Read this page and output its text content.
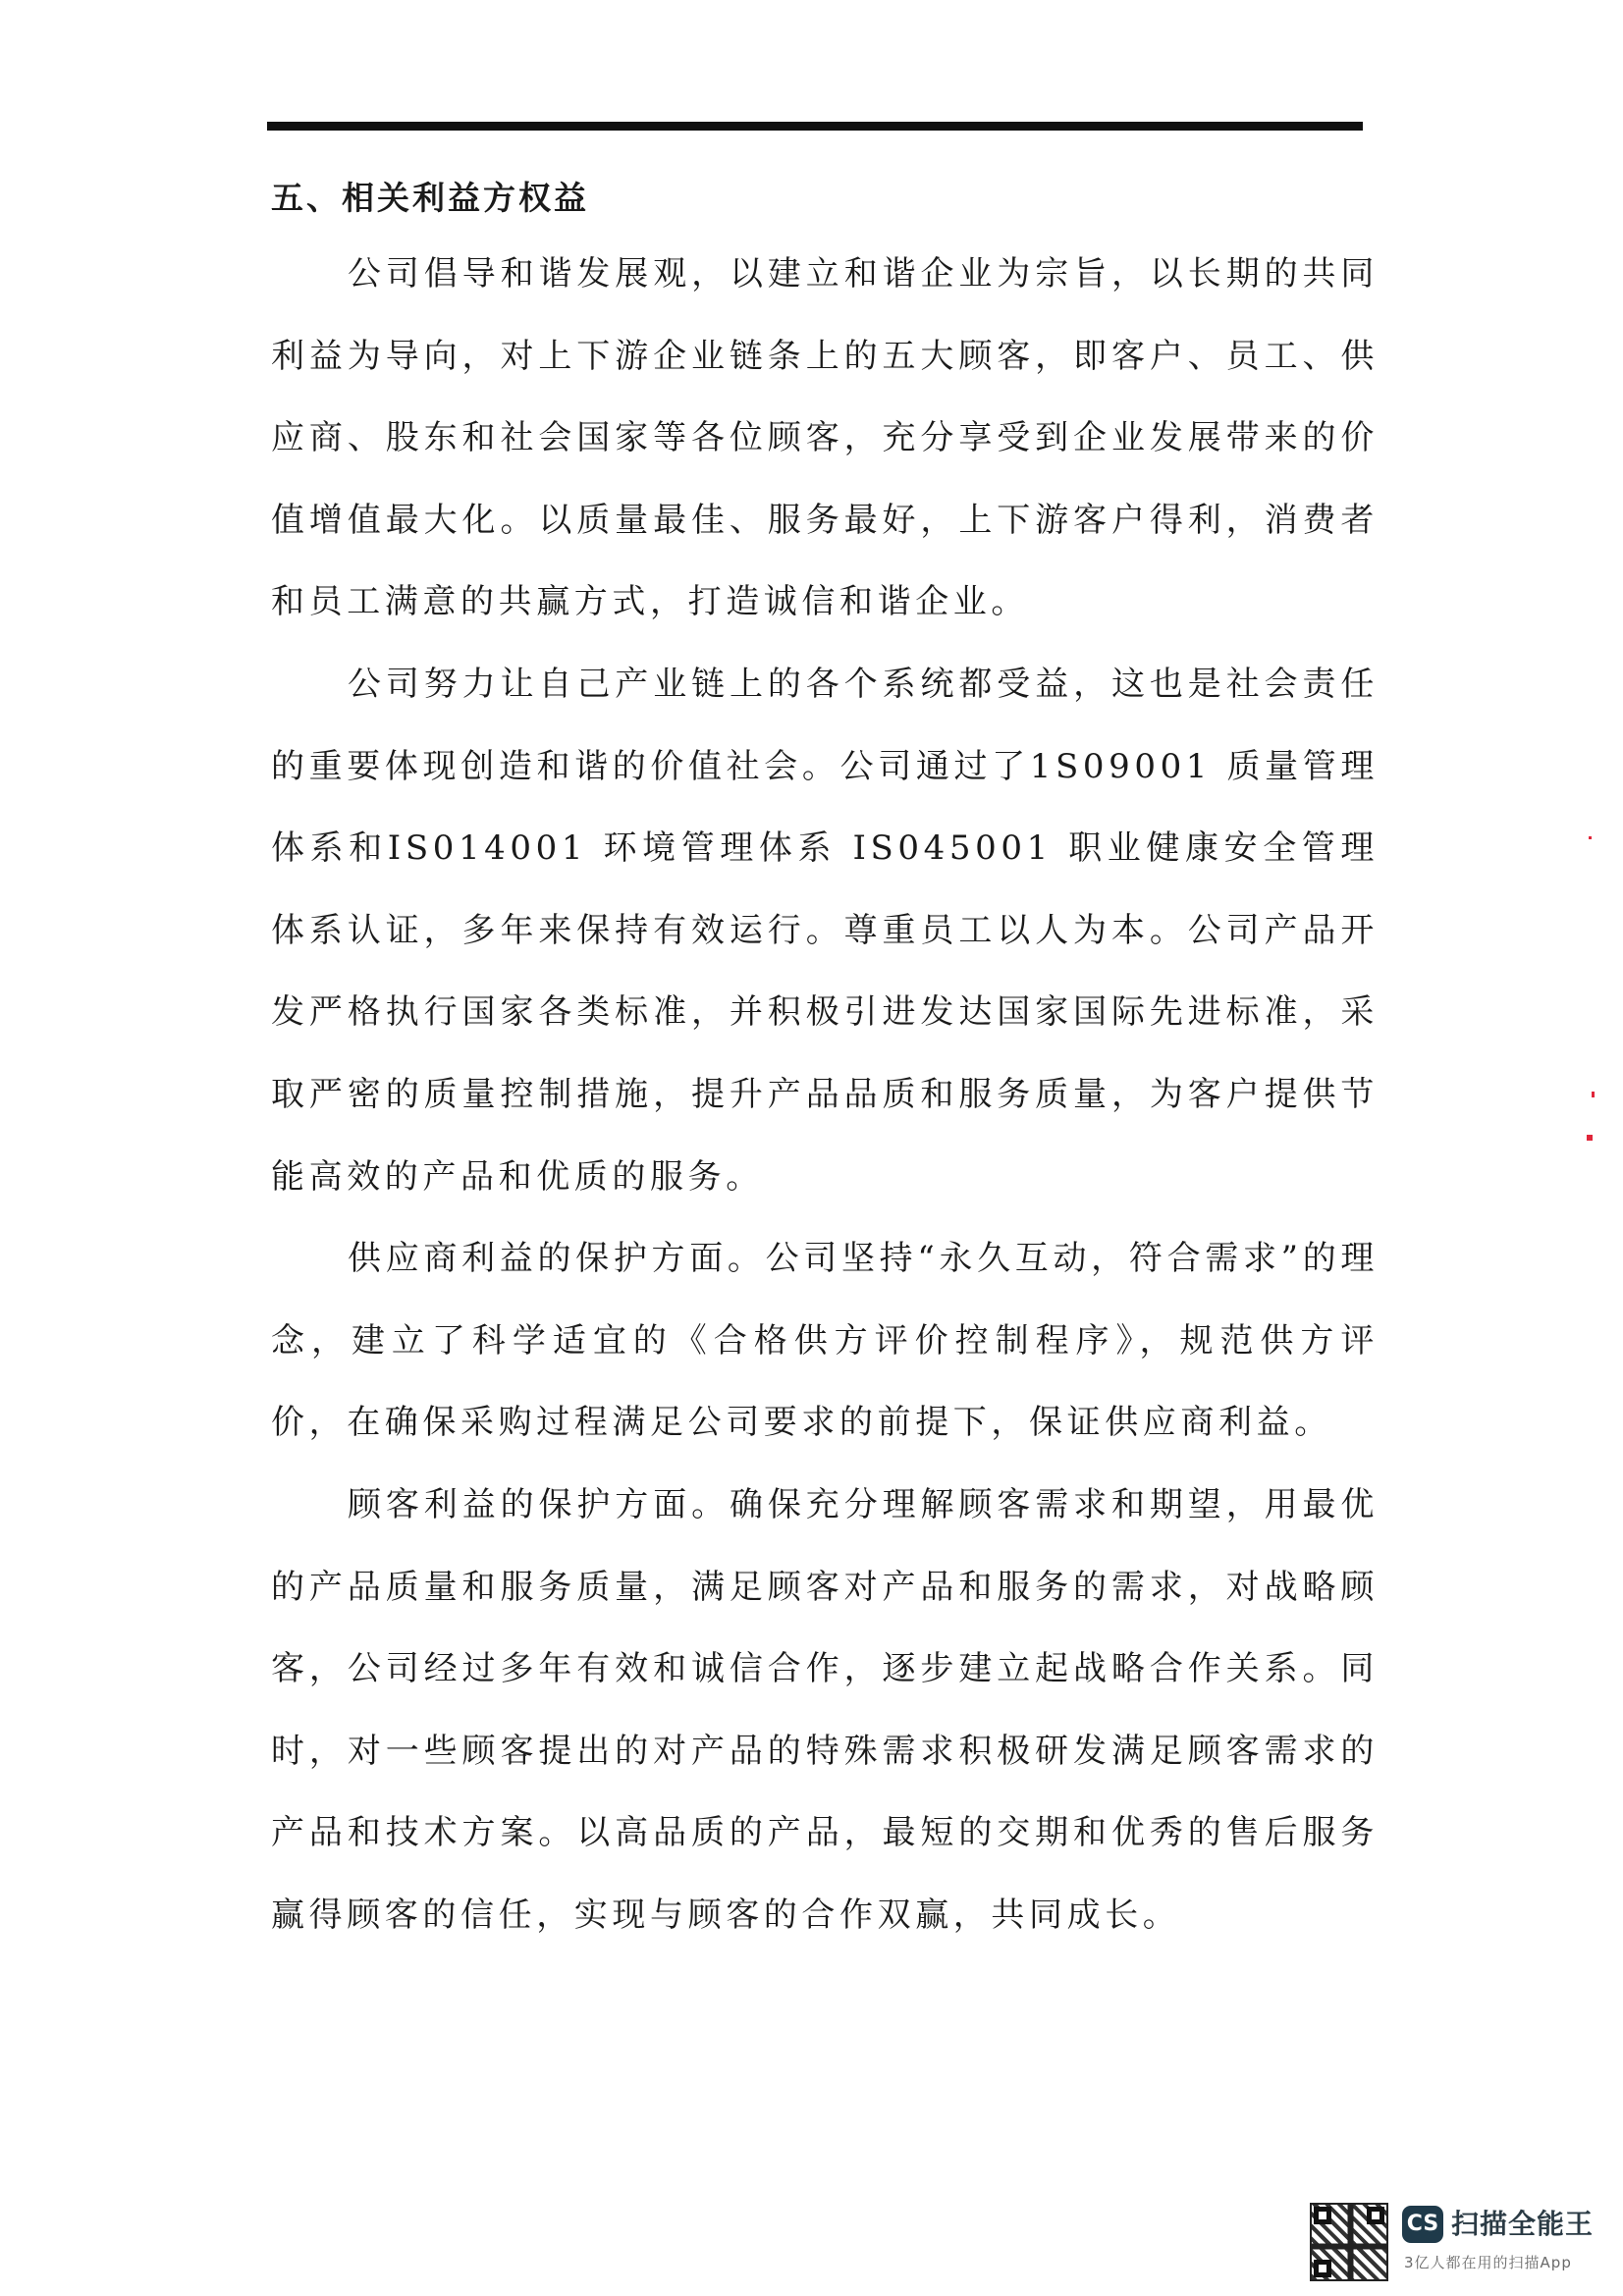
五、相关利益方权益

公司倡导和谐发展观，以建立和谐企业为宗旨，以长期的共同利益为导向，对上下游企业链条上的五大顾客，即客户、员工、供应商、股东和社会国家等各位顾客，充分享受到企业发展带来的价值增值最大化。以质量最佳、服务最好，上下游客户得利，消费者和员工满意的共赢方式，打造诚信和谐企业。

公司努力让自己产业链上的各个系统都受益，这也是社会责任的重要体现创造和谐的价值社会。公司通过了1S09001 质量管理体系和IS014001 环境管理体系 IS045001 职业健康安全管理体系认证，多年来保持有效运行。尊重员工以人为本。公司产品开发严格执行国家各类标准，并积极引进发达国家国际先进标准，采取严密的质量控制措施，提升产品品质和服务质量，为客户提供节能高效的产品和优质的服务。

供应商利益的保护方面。公司坚持“永久互动，符合需求”的理念，建立了科学适宜的《合格供方评价控制程序》，规范供方评价，在确保采购过程满足公司要求的前提下，保证供应商利益。

顾客利益的保护方面。确保充分理解顾客需求和期望，用最优的产品质量和服务质量，满足顾客对产品和服务的需求，对战略顾客，公司经过多年有效和诚信合作，逐步建立起战略合作关系。同时，对一些顾客提出的对产品的特殊需求积极研发满足顾客需求的产品和技术方案。以高品质的产品，最短的交期和优秀的售后服务赢得顾客的信任，实现与顾客的合作双赢，共同成长。

CS 扫描全能王
3亿人都在用的扫描App
